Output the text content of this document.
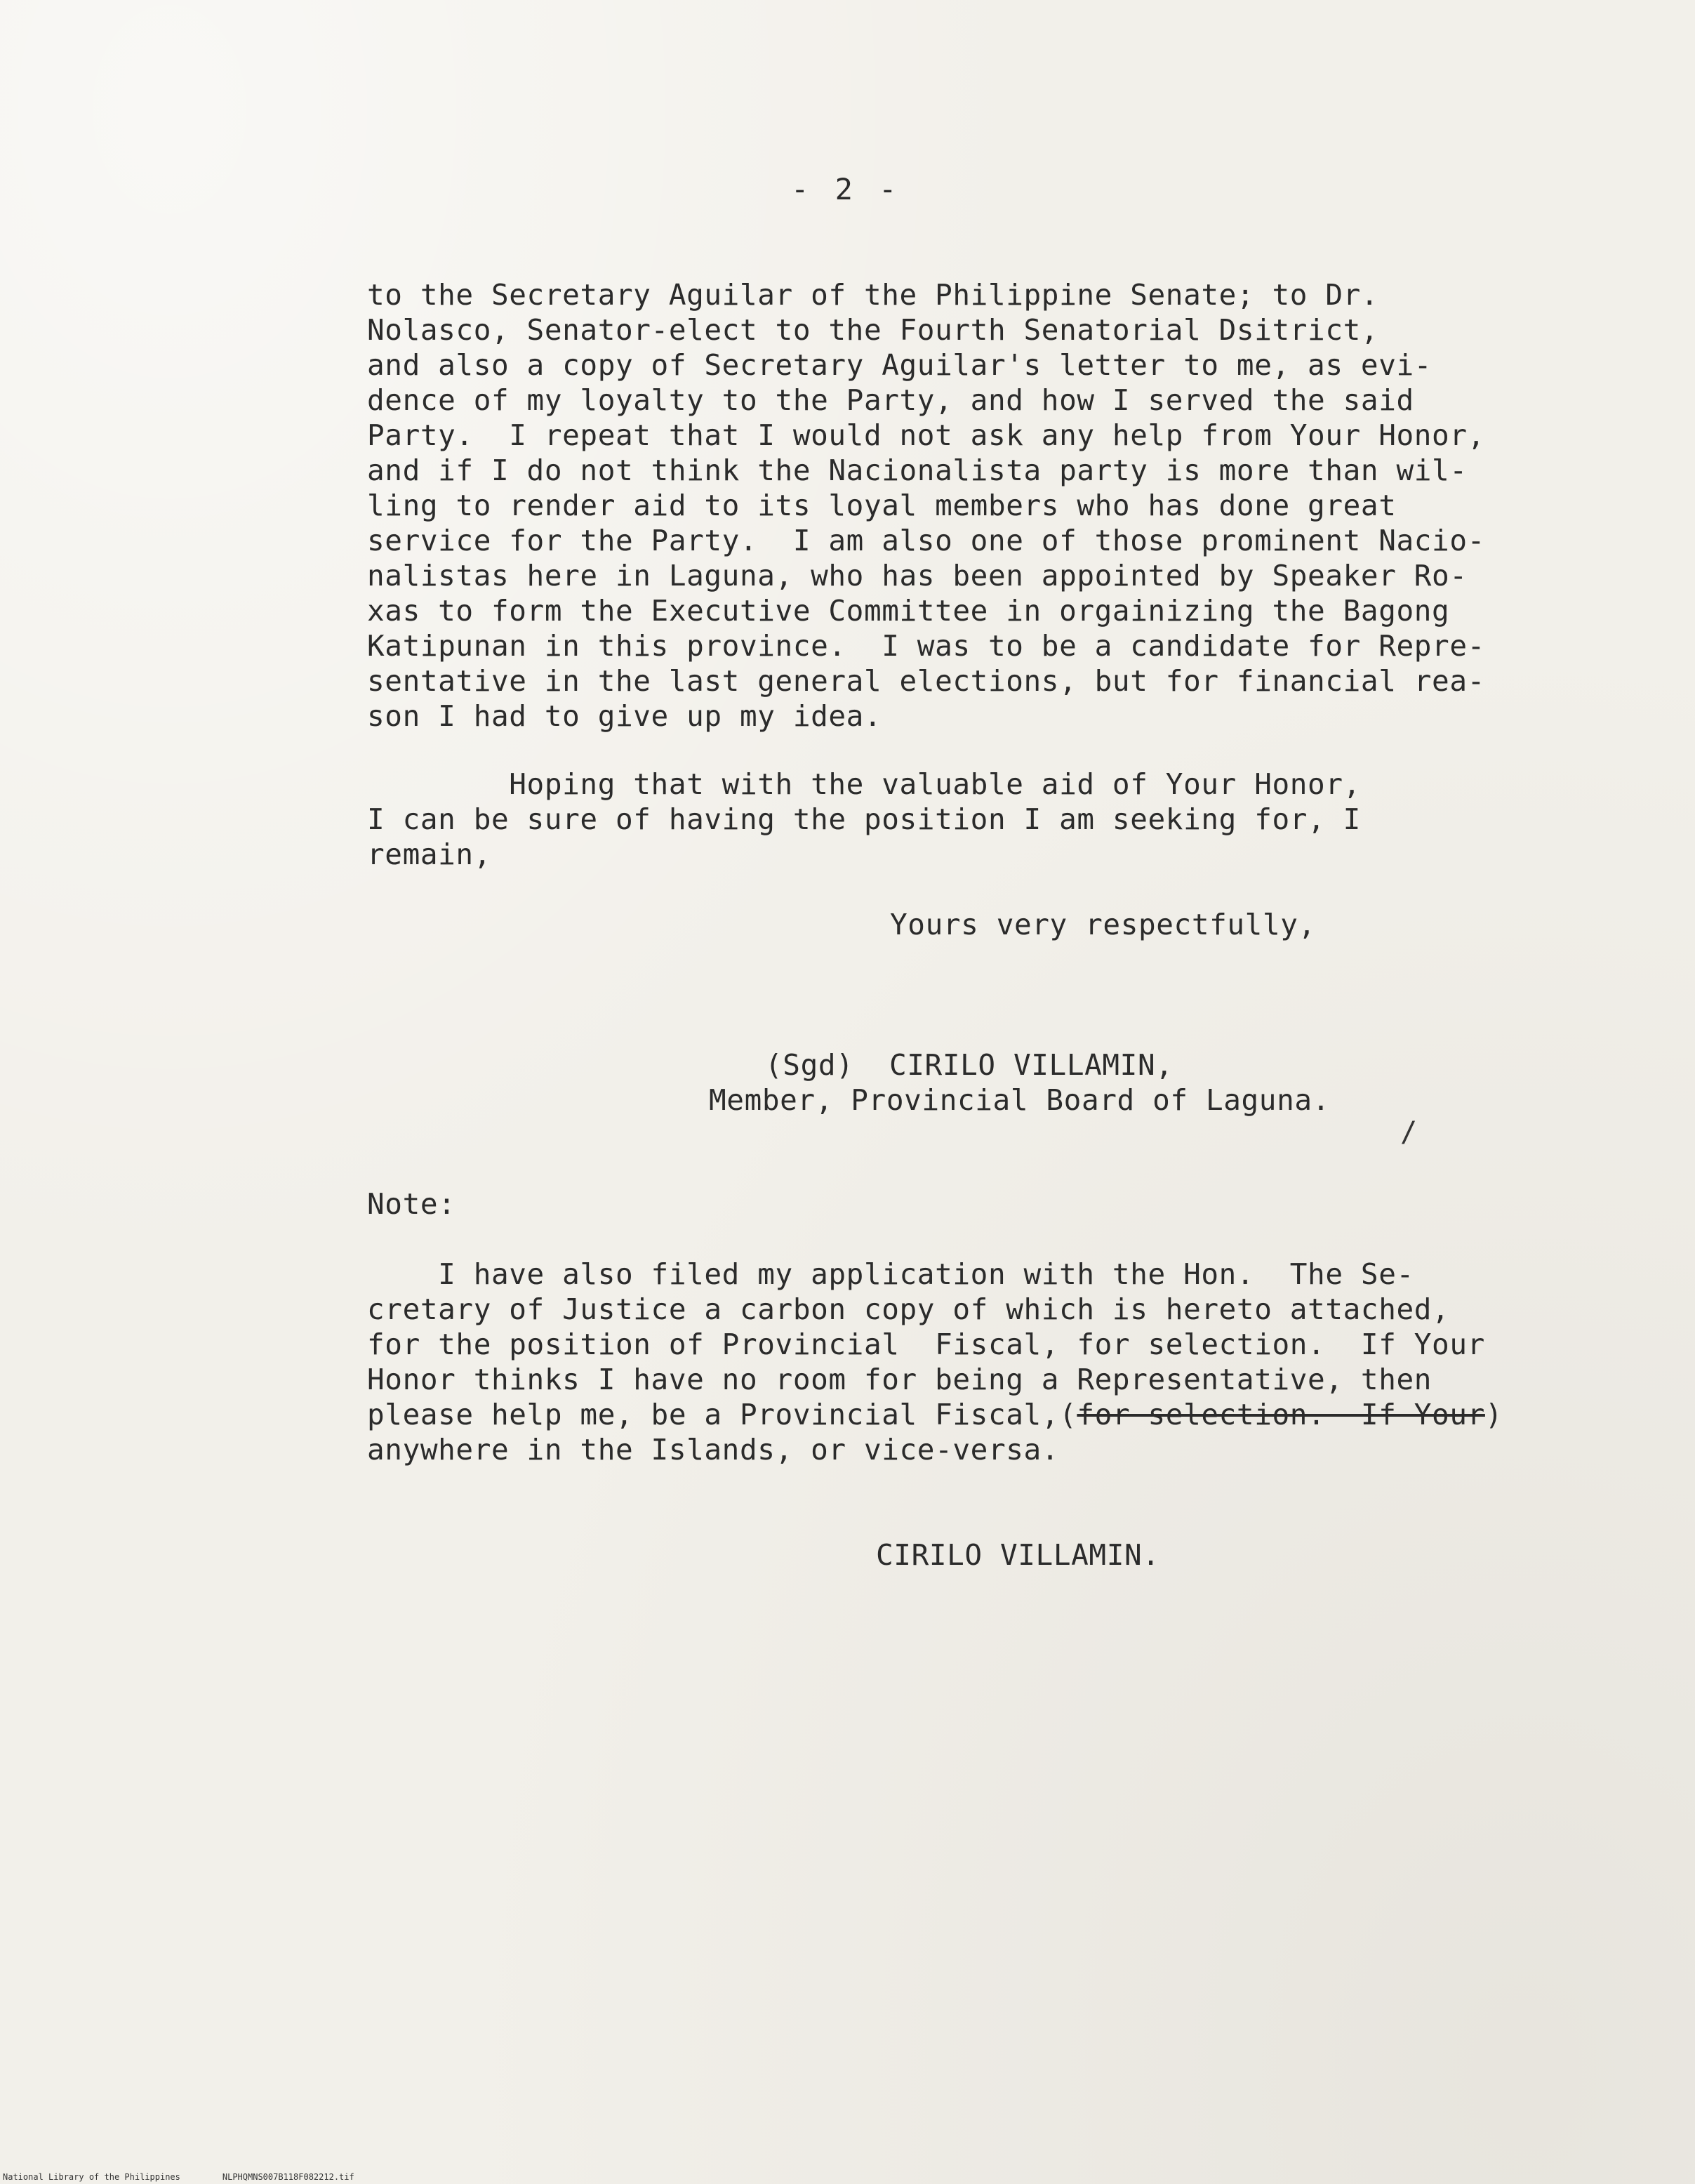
- 2 -
to the Secretary Aguilar of the Philippine Senate; to Dr.
Nolasco, Senator-elect to the Fourth Senatorial Dsitrict,
and also a copy of Secretary Aguilar's letter to me, as evi-
dence of my loyalty to the Party, and how I served the said
Party.  I repeat that I would not ask any help from Your Honor,
and if I do not think the Nacionalista party is more than wil-
ling to render aid to its loyal members who has done great
service for the Party.  I am also one of those prominent Nacio-
nalistas here in Laguna, who has been appointed by Speaker Ro-
xas to form the Executive Committee in orgainizing the Bagong
Katipunan in this province.  I was to be a candidate for Repre-
sentative in the last general elections, but for financial rea-
son I had to give up my idea.
Hoping that with the valuable aid of Your Honor,
I can be sure of having the position I am seeking for, I
remain,
Yours very respectfully,
(Sgd)  CIRILO VILLAMIN,
Member, Provincial Board of Laguna.
/
Note:
I have also filed my application with the Hon.  The Se-
cretary of Justice a carbon copy of which is hereto attached,
for the position of Provincial  Fiscal, for selection.  If Your
Honor thinks I have no room for being a Representative, then
please help me, be a Provincial Fiscal,(for selection.  If Your)
anywhere in the Islands, or vice-versa.
CIRILO VILLAMIN.
National Library of the Philippines	NLPHQMNS007B118F082212.tif
